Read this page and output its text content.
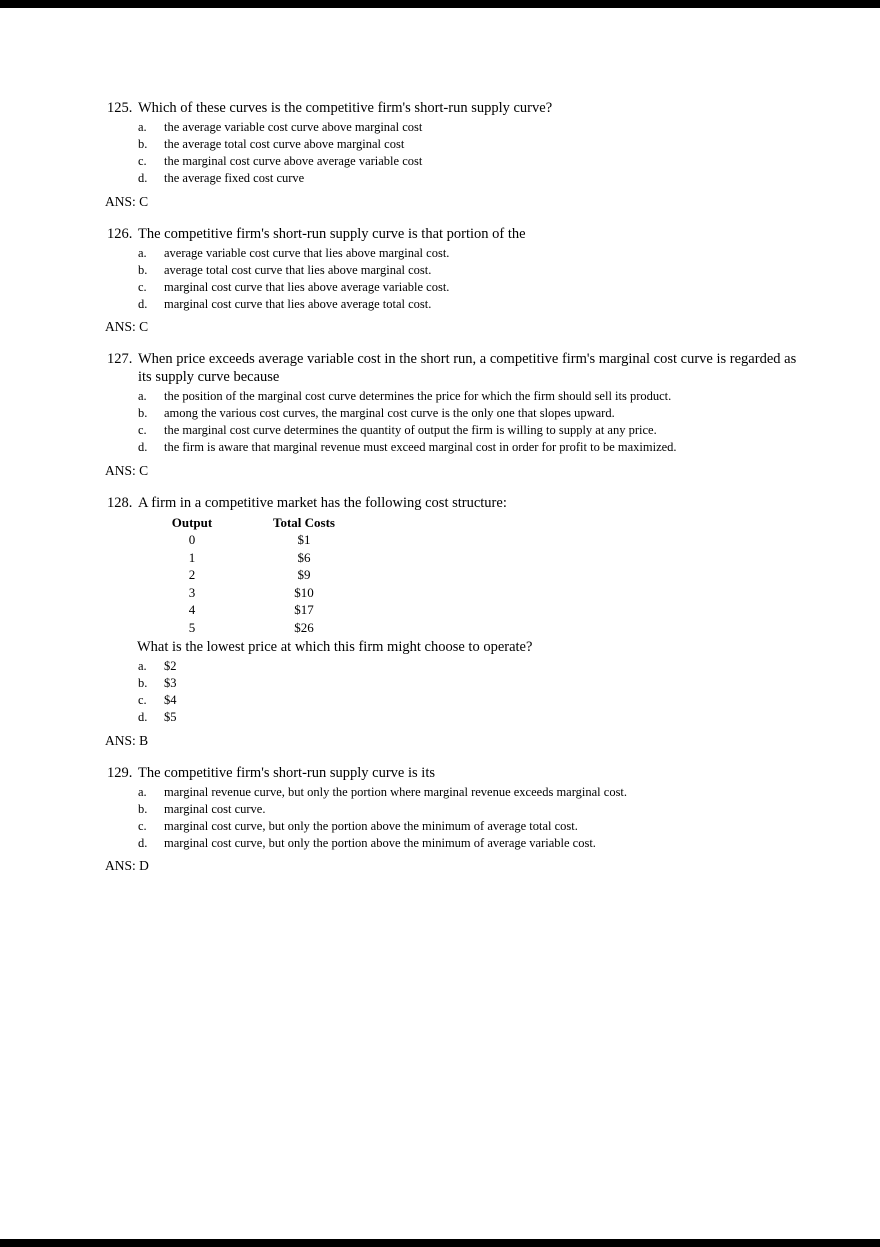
125. Which of these curves is the competitive firm's short-run supply curve?
a.	the average variable cost curve above marginal cost
b.	the average total cost curve above marginal cost
c.	the marginal cost curve above average variable cost
d.	the average fixed cost curve
ANS: C
126. The competitive firm's short-run supply curve is that portion of the
a.	average variable cost curve that lies above marginal cost.
b.	average total cost curve that lies above marginal cost.
c.	marginal cost curve that lies above average variable cost.
d.	marginal cost curve that lies above average total cost.
ANS: C
127. When price exceeds average variable cost in the short run, a competitive firm's marginal cost curve is regarded as its supply curve because
a.	the position of the marginal cost curve determines the price for which the firm should sell its product.
b.	among the various cost curves, the marginal cost curve is the only one that slopes upward.
c.	the marginal cost curve determines the quantity of output the firm is willing to supply at any price.
d.	the firm is aware that marginal revenue must exceed marginal cost in order for profit to be maximized.
ANS: C
128. A firm in a competitive market has the following cost structure:
Output	Total Costs
0	$1
1	$6
2	$9
3	$10
4	$17
5	$26
What is the lowest price at which this firm might choose to operate?
a.	$2
b.	$3
c.	$4
d.	$5
ANS: B
129. The competitive firm's short-run supply curve is its
a.	marginal revenue curve, but only the portion where marginal revenue exceeds marginal cost.
b.	marginal cost curve.
c.	marginal cost curve, but only the portion above the minimum of average total cost.
d.	marginal cost curve, but only the portion above the minimum of average variable cost.
ANS: D
